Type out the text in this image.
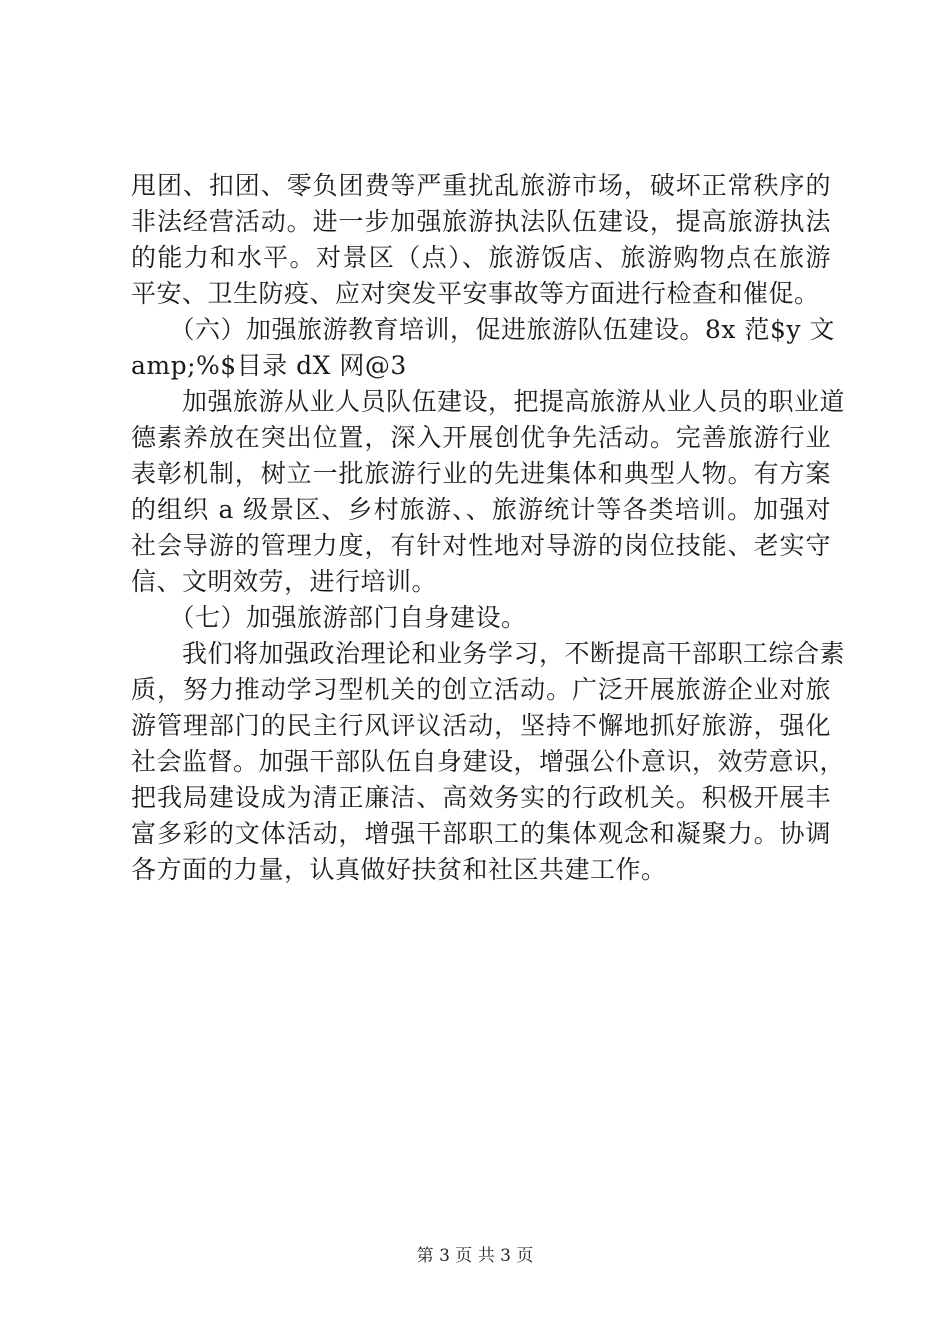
甩团、扣团、零负团费等严重扰乱旅游市场，破坏正常秩序的
非法经营活动。进一步加强旅游执法队伍建设，提高旅游执法
的能力和水平。对景区（点）、旅游饭店、旅游购物点在旅游
平安、卫生防疫、应对突发平安事故等方面进行检查和催促。
　　（六）加强旅游教育培训，促进旅游队伍建设。8x 范$y 文
amp;%$目录 dX 网@3
　　加强旅游从业人员队伍建设，把提高旅游从业人员的职业道
德素养放在突出位置，深入开展创优争先活动。完善旅游行业
表彰机制，树立一批旅游行业的先进集体和典型人物。有方案
的组织 a 级景区、乡村旅游、、旅游统计等各类培训。加强对
社会导游的管理力度，有针对性地对导游的岗位技能、老实守
信、文明效劳，进行培训。
　　（七）加强旅游部门自身建设。
　　我们将加强政治理论和业务学习，不断提高干部职工综合素
质，努力推动学习型机关的创立活动。广泛开展旅游企业对旅
游管理部门的民主行风评议活动，坚持不懈地抓好旅游，强化
社会监督。加强干部队伍自身建设，增强公仆意识，效劳意识，
把我局建设成为清正廉洁、高效务实的行政机关。积极开展丰
富多彩的文体活动，增强干部职工的集体观念和凝聚力。协调
各方面的力量，认真做好扶贫和社区共建工作。
第 3 页 共 3 页
